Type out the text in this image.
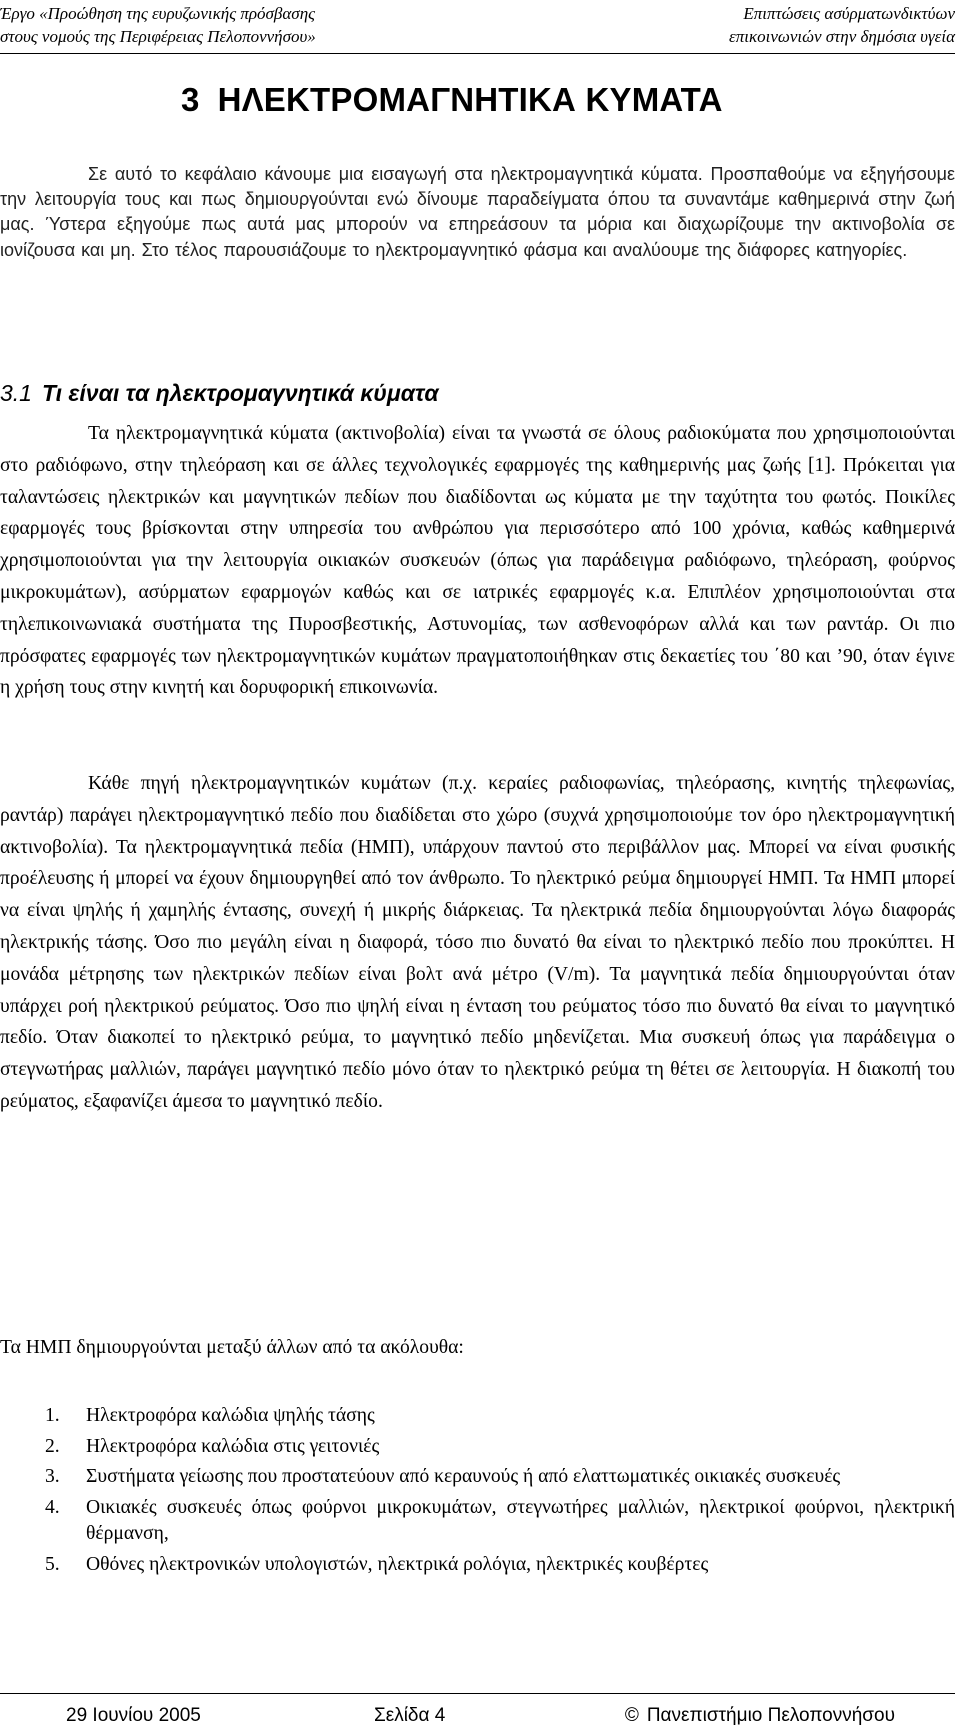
Έργο «Προώθηση της ευρυζωνικής πρόσβασης
στους νομούς της Περιφέρειας Πελοποννήσου»
Επιπτώσεις ασύρματωνδικτύων
επικοινωνιών στην δημόσια υγεία
3 ΗΛΕΚΤΡΟΜΑΓΝΗΤΙΚΑ ΚΥΜΑΤΑ

Σε αυτό το κεφάλαιο κάνουμε μια εισαγωγή στα ηλεκτρομαγνητικά κύματα. Προσπαθούμε να εξηγήσουμε την λειτουργία τους και πως δημιουργούνται ενώ δίνουμε παραδείγματα όπου τα συναντάμε καθημερινά στην ζωή μας. Ύστερα εξηγούμε πως αυτά μας μπορούν να επηρεάσουν τα μόρια και διαχωρίζουμε την ακτινοβολία σε ιονίζουσα και μη. Στο τέλος παρουσιάζουμε το ηλεκτρομαγνητικό φάσμα και αναλύουμε της διάφορες κατηγορίες.

3.1 Τι είναι τα ηλεκτρομαγνητικά κύματα

Τα ηλεκτρομαγνητικά κύματα (ακτινοβολία) είναι τα γνωστά σε όλους ραδιοκύματα που χρησιμοποιούνται στο ραδιόφωνο, στην τηλεόραση και σε άλλες τεχνολογικές εφαρμογές της καθημερινής μας ζωής [1]. Πρόκειται για ταλαντώσεις ηλεκτρικών και μαγνητικών πεδίων που διαδίδονται ως κύματα με την ταχύτητα του φωτός. Ποικίλες εφαρμογές τους βρίσκονται στην υπηρεσία του ανθρώπου για περισσότερο από 100 χρόνια, καθώς καθημερινά χρησιμοποιούνται για την λειτουργία οικιακών συσκευών (όπως για παράδειγμα ραδιόφωνο, τηλεόραση, φούρνος μικροκυμάτων), ασύρματων εφαρμογών καθώς και σε ιατρικές εφαρμογές κ.α. Επιπλέον χρησιμοποιούνται στα τηλεπικοινωνιακά συστήματα της Πυροσβεστικής, Αστυνομίας, των ασθενοφόρων αλλά και των ραντάρ. Οι πιο πρόσφατες εφαρμογές των ηλεκτρομαγνητικών κυμάτων πραγματοποιήθηκαν στις δεκαετίες του ΄80 και ’90, όταν έγινε η χρήση τους στην κινητή και δορυφορική επικοινωνία.

Κάθε πηγή ηλεκτρομαγνητικών κυμάτων (π.χ. κεραίες ραδιοφωνίας, τηλεόρασης, κινητής τηλεφωνίας, ραντάρ) παράγει ηλεκτρομαγνητικό πεδίο που διαδίδεται στο χώρο (συχνά χρησιμοποιούμε τον όρο ηλεκτρομαγνητική ακτινοβολία). Τα ηλεκτρομαγνητικά πεδία (ΗΜΠ), υπάρχουν παντού στο περιβάλλον μας. Μπορεί να είναι φυσικής προέλευσης ή μπορεί να έχουν δημιουργηθεί από τον άνθρωπο. Το ηλεκτρικό ρεύμα δημιουργεί ΗΜΠ. Τα ΗΜΠ μπορεί να είναι ψηλής ή χαμηλής έντασης, συνεχή ή μικρής διάρκειας. Τα ηλεκτρικά πεδία δημιουργούνται λόγω διαφοράς ηλεκτρικής τάσης. Όσο πιο μεγάλη είναι η διαφορά, τόσο πιο δυνατό θα είναι το ηλεκτρικό πεδίο που προκύπτει. Η μονάδα μέτρησης των ηλεκτρικών πεδίων είναι βολτ ανά μέτρο (V/m). Τα μαγνητικά πεδία δημιουργούνται όταν υπάρχει ροή ηλεκτρικού ρεύματος. Όσο πιο ψηλή είναι η ένταση του ρεύματος τόσο πιο δυνατό θα είναι το μαγνητικό πεδίο. Όταν διακοπεί το ηλεκτρικό ρεύμα, το μαγνητικό πεδίο μηδενίζεται. Μια συσκευή όπως για παράδειγμα ο στεγνωτήρας μαλλιών, παράγει μαγνητικό πεδίο μόνο όταν το ηλεκτρικό ρεύμα τη θέτει σε λειτουργία. Η διακοπή του ρεύματος, εξαφανίζει άμεσα το μαγνητικό πεδίο.

Τα ΗΜΠ δημιουργούνται μεταξύ άλλων από τα ακόλουθα:
1. Ηλεκτροφόρα καλώδια ψηλής τάσης
2. Ηλεκτροφόρα καλώδια στις γειτονιές
3. Συστήματα γείωσης που προστατεύουν από κεραυνούς ή από ελαττωματικές οικιακές συσκευές
4. Οικιακές συσκευές όπως φούρνοι μικροκυμάτων, στεγνωτήρες μαλλιών, ηλεκτρικοί φούρνοι, ηλεκτρική θέρμανση,
5. Οθόνες ηλεκτρονικών υπολογιστών, ηλεκτρικά ρολόγια, ηλεκτρικές κουβέρτες
29 Ιουνίου 2005	Σελίδα 4	© Πανεπιστήμιο Πελοποννήσου
